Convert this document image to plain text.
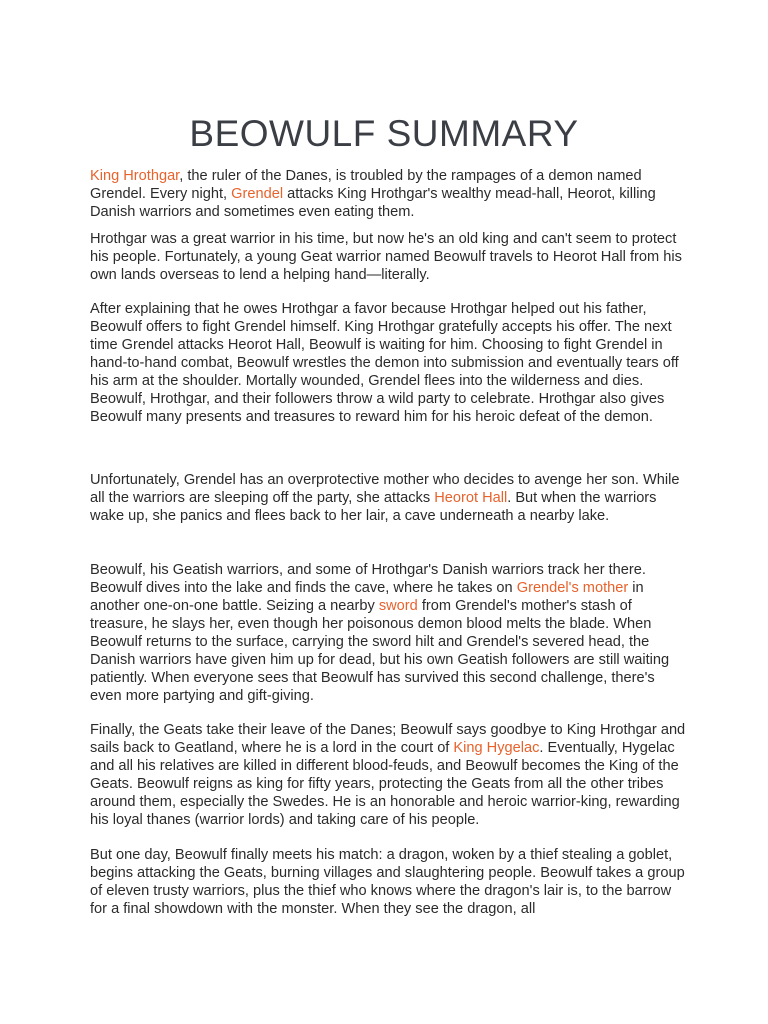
BEOWULF SUMMARY

King Hrothgar, the ruler of the Danes, is troubled by the rampages of a demon named Grendel. Every night, Grendel attacks King Hrothgar's wealthy mead-hall, Heorot, killing Danish warriors and sometimes even eating them.

Hrothgar was a great warrior in his time, but now he's an old king and can't seem to protect his people. Fortunately, a young Geat warrior named Beowulf travels to Heorot Hall from his own lands overseas to lend a helping hand—literally.

After explaining that he owes Hrothgar a favor because Hrothgar helped out his father, Beowulf offers to fight Grendel himself. King Hrothgar gratefully accepts his offer. The next time Grendel attacks Heorot Hall, Beowulf is waiting for him. Choosing to fight Grendel in hand-to-hand combat, Beowulf wrestles the demon into submission and eventually tears off his arm at the shoulder. Mortally wounded, Grendel flees into the wilderness and dies. Beowulf, Hrothgar, and their followers throw a wild party to celebrate. Hrothgar also gives Beowulf many presents and treasures to reward him for his heroic defeat of the demon.

Unfortunately, Grendel has an overprotective mother who decides to avenge her son. While all the warriors are sleeping off the party, she attacks Heorot Hall. But when the warriors wake up, she panics and flees back to her lair, a cave underneath a nearby lake.

Beowulf, his Geatish warriors, and some of Hrothgar's Danish warriors track her there. Beowulf dives into the lake and finds the cave, where he takes on Grendel's mother in another one-on-one battle. Seizing a nearby sword from Grendel's mother's stash of treasure, he slays her, even though her poisonous demon blood melts the blade. When Beowulf returns to the surface, carrying the sword hilt and Grendel's severed head, the Danish warriors have given him up for dead, but his own Geatish followers are still waiting patiently. When everyone sees that Beowulf has survived this second challenge, there's even more partying and gift-giving.

Finally, the Geats take their leave of the Danes; Beowulf says goodbye to King Hrothgar and sails back to Geatland, where he is a lord in the court of King Hygelac. Eventually, Hygelac and all his relatives are killed in different blood-feuds, and Beowulf becomes the King of the Geats. Beowulf reigns as king for fifty years, protecting the Geats from all the other tribes around them, especially the Swedes. He is an honorable and heroic warrior-king, rewarding his loyal thanes (warrior lords) and taking care of his people.

But one day, Beowulf finally meets his match: a dragon, woken by a thief stealing a goblet, begins attacking the Geats, burning villages and slaughtering people. Beowulf takes a group of eleven trusty warriors, plus the thief who knows where the dragon's lair is, to the barrow for a final showdown with the monster. When they see the dragon, all
